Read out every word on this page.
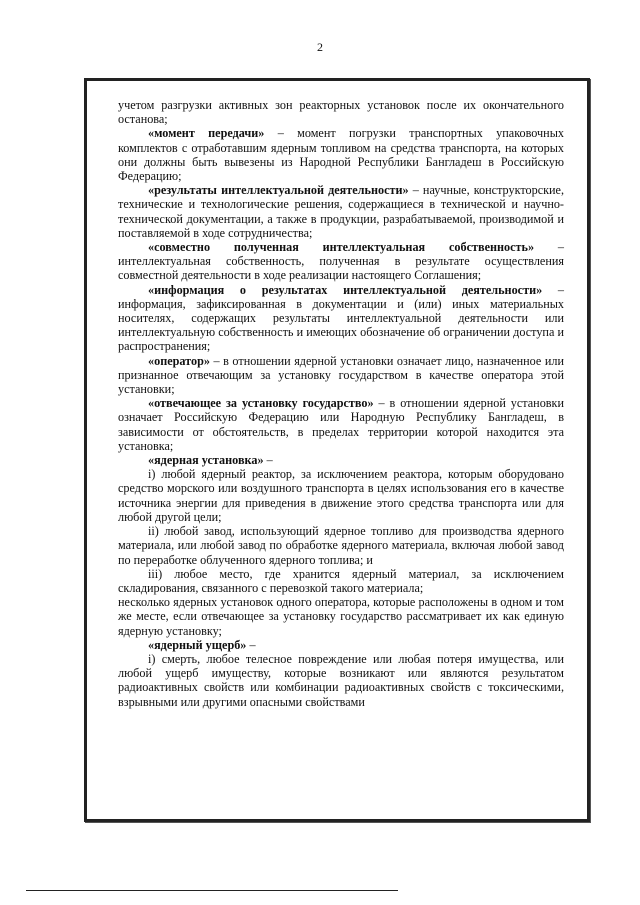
2

учетом разгрузки активных зон реакторных установок после их окончательного останова;

«момент передачи» – момент погрузки транспортных упаковочных комплектов с отработавшим ядерным топливом на средства транспорта, на которых они должны быть вывезены из Народной Республики Бангладеш в Российскую Федерацию;

«результаты интеллектуальной деятельности» – научные, конструкторские, технические и технологические решения, содержащиеся в технической и научно-технической документации, а также в продукции, разрабатываемой, производимой и поставляемой в ходе сотрудничества;

«совместно полученная интеллектуальная собственность» – интеллектуальная собственность, полученная в результате осуществления совместной деятельности в ходе реализации настоящего Соглашения;

«информация о результатах интеллектуальной деятельности» – информация, зафиксированная в документации и (или) иных материальных носителях, содержащих результаты интеллектуальной деятельности или интеллектуальную собственность и имеющих обозначение об ограничении доступа и распространения;

«оператор» – в отношении ядерной установки означает лицо, назначенное или признанное отвечающим за установку государством в качестве оператора этой установки;

«отвечающее за установку государство» – в отношении ядерной установки означает Российскую Федерацию или Народную Республику Бангладеш, в зависимости от обстоятельств, в пределах территории которой находится эта установка;

«ядерная установка» –

i) любой ядерный реактор, за исключением реактора, которым оборудовано средство морского или воздушного транспорта в целях использования его в качестве источника энергии для приведения в движение этого средства транспорта или для любой другой цели;

ii) любой завод, использующий ядерное топливо для производства ядерного материала, или любой завод по обработке ядерного материала, включая любой завод по переработке облученного ядерного топлива; и

iii) любое место, где хранится ядерный материал, за исключением складирования, связанного с перевозкой такого материала;

несколько ядерных установок одного оператора, которые расположены в одном и том же месте, если отвечающее за установку государство рассматривает их как единую ядерную установку;

«ядерный ущерб» –

i) смерть, любое телесное повреждение или любая потеря имущества, или любой ущерб имуществу, которые возникают или являются результатом радиоактивных свойств или комбинации радиоактивных свойств с токсическими, взрывными или другими опасными свойствами
